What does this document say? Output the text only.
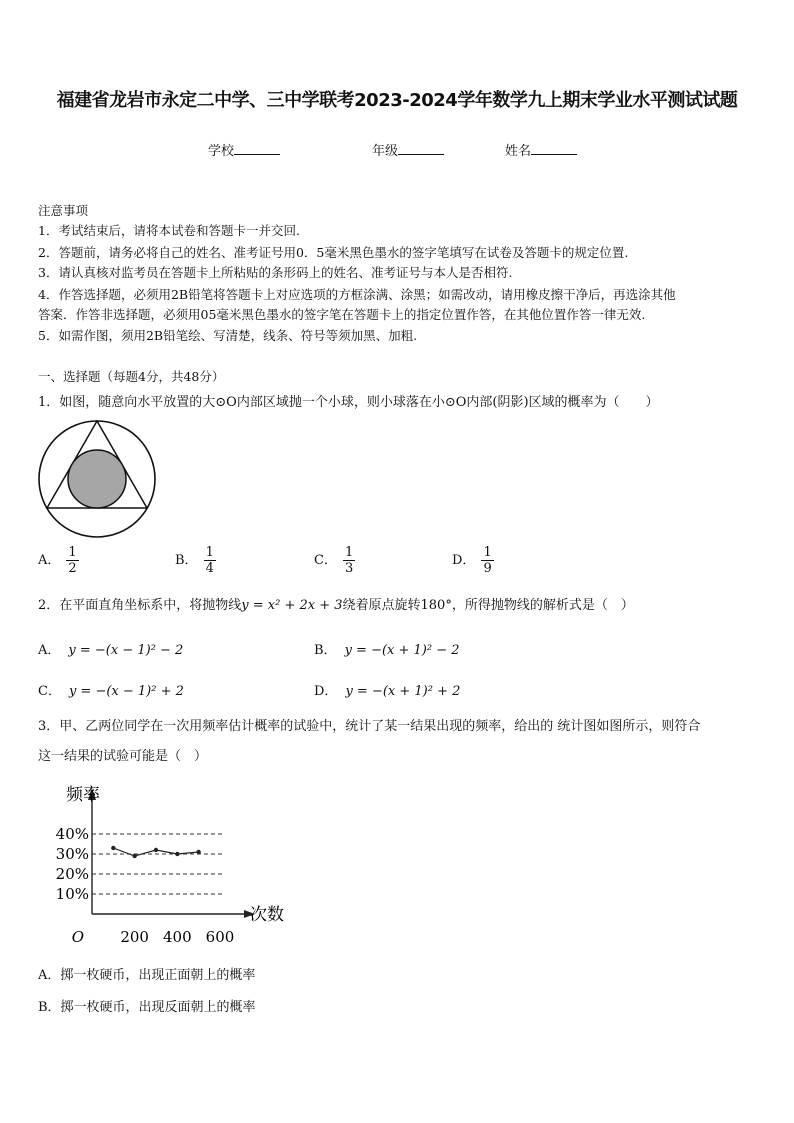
福建省龙岩市永定二中学、三中学联考2023-2024学年数学九上期末学业水平测试试题
学校	年级	姓名
注意事项
1．考试结束后，请将本试卷和答题卡一并交回.
2．答题前，请务必将自己的姓名、准考证号用0．5毫米黑色墨水的签字笔填写在试卷及答题卡的规定位置.
3．请认真核对监考员在答题卡上所粘贴的条形码上的姓名、准考证号与本人是否相符.
4．作答选择题，必须用2B铅笔将答题卡上对应选项的方框涂满、涂黑；如需改动，请用橡皮擦干净后，再选涂其他
答案．作答非选择题，必须用05毫米黑色墨水的签字笔在答题卡上的指定位置作答，在其他位置作答一律无效.
5．如需作图，须用2B铅笔绘、写清楚，线条、符号等须加黑、加粗.
一、选择题（每题4分，共48分）
1．如图，随意向水平放置的大⊙O内部区域抛一个小球，则小球落在小⊙O内部(阴影)区域的概率为（　　）
A． $\frac{1}{2}$	B． $\frac{1}{4}$	C． $\frac{1}{3}$	D． $\frac{1}{9}$
2．在平面直角坐标系中，将抛物线y = x² + 2x + 3绕着原点旋转180°，所得抛物线的解析式是（　）
A． y = −(x − 1)² − 2	B． y = −(x + 1)² − 2
C． y = −(x − 1)² + 2	D． y = −(x + 1)² + 2
3．甲、乙两位同学在一次用频率估计概率的试验中，统计了某一结果出现的频率，给出的 统计图如图所示，则符合
这一结果的试验可能是（　）
10%
20%
30%
40%
200 400 600
O
频率
次数
A．掷一枚硬币，出现正面朝上的概率
B．掷一枚硬币，出现反面朝上的概率
